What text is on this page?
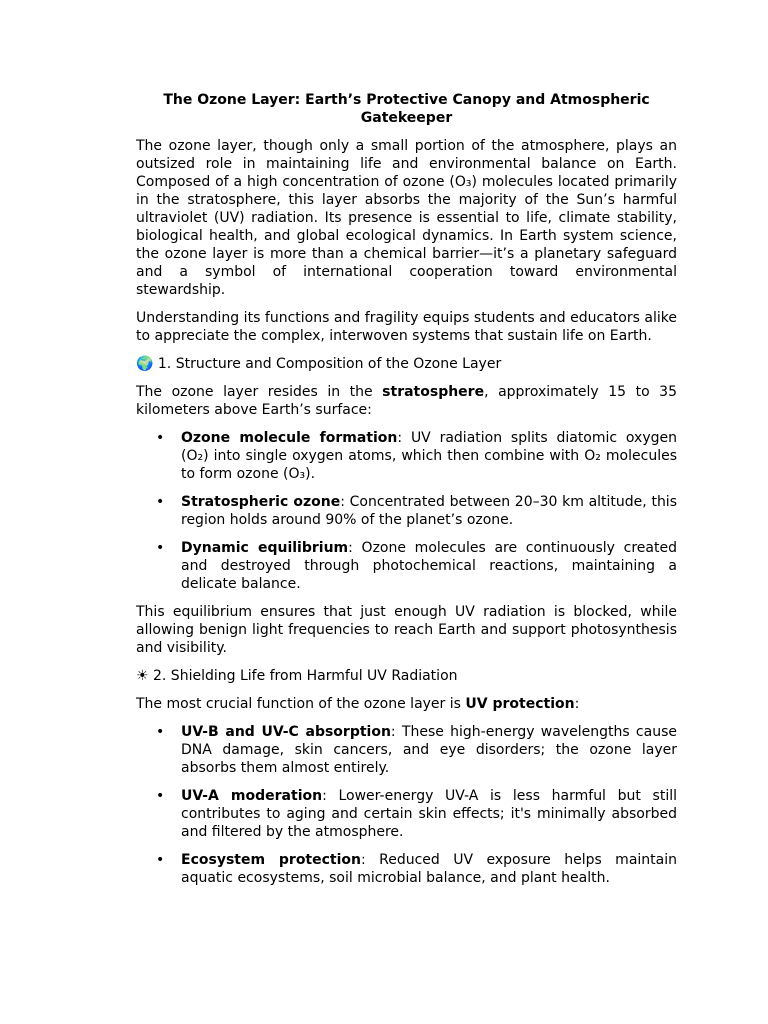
The Ozone Layer: Earth’s Protective Canopy and Atmospheric Gatekeeper

The ozone layer, though only a small portion of the atmosphere, plays an outsized role in maintaining life and environmental balance on Earth. Composed of a high concentration of ozone (O₃) molecules located primarily in the stratosphere, this layer absorbs the majority of the Sun’s harmful ultraviolet (UV) radiation. Its presence is essential to life, climate stability, biological health, and global ecological dynamics. In Earth system science, the ozone layer is more than a chemical barrier—it’s a planetary safeguard and a symbol of international cooperation toward environmental stewardship.

Understanding its functions and fragility equips students and educators alike to appreciate the complex, interwoven systems that sustain life on Earth.

🌍 1. Structure and Composition of the Ozone Layer

The ozone layer resides in the stratosphere, approximately 15 to 35 kilometers above Earth’s surface:

• Ozone molecule formation: UV radiation splits diatomic oxygen (O₂) into single oxygen atoms, which then combine with O₂ molecules to form ozone (O₃).
• Stratospheric ozone: Concentrated between 20–30 km altitude, this region holds around 90% of the planet’s ozone.
• Dynamic equilibrium: Ozone molecules are continuously created and destroyed through photochemical reactions, maintaining a delicate balance.

This equilibrium ensures that just enough UV radiation is blocked, while allowing benign light frequencies to reach Earth and support photosynthesis and visibility.

☀ 2. Shielding Life from Harmful UV Radiation

The most crucial function of the ozone layer is UV protection:

• UV-B and UV-C absorption: These high-energy wavelengths cause DNA damage, skin cancers, and eye disorders; the ozone layer absorbs them almost entirely.
• UV-A moderation: Lower-energy UV-A is less harmful but still contributes to aging and certain skin effects; it's minimally absorbed and filtered by the atmosphere.
• Ecosystem protection: Reduced UV exposure helps maintain aquatic ecosystems, soil microbial balance, and plant health.
